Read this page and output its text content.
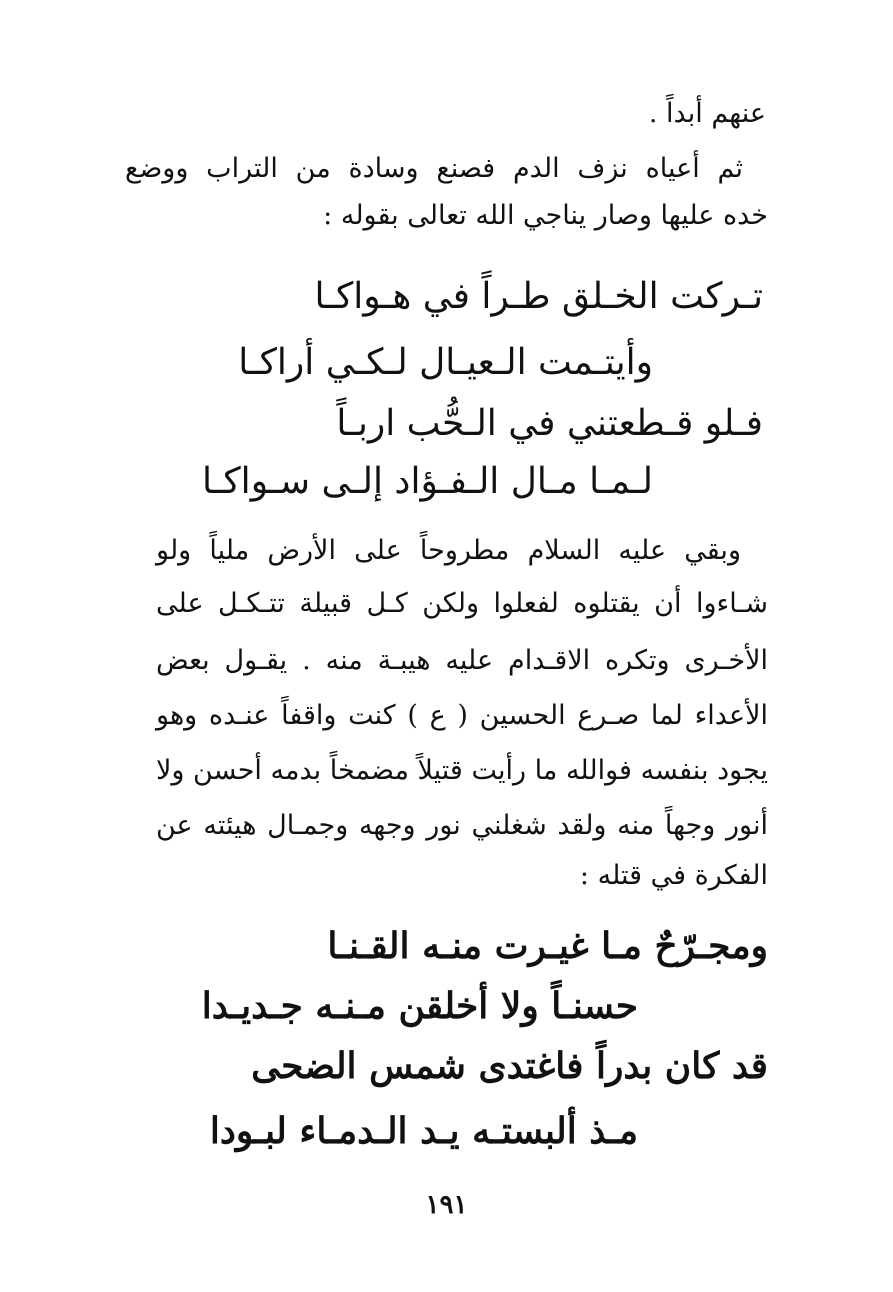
عنهم أبداً .
ثم أعياه نزف الدم فصنع وسادة من التراب ووضع
خده عليها وصار يناجي الله تعالى بقوله :
تـركت الخـلق طـراً في هـواكـا
وأيتـمت الـعيـال لـكـي أراكـا
فـلو قـطعتني في الـحُّب اربـاً
لـمـا مـال الـفـؤاد إلـى سـواكـا
وبقي عليه السلام مطروحاً على الأرض ملياً ولو
شـاءوا أن يقتلوه لفعلوا ولكن كـل قبيلة تتـكـل على
الأخـرى وتكره الاقـدام عليه هيبـة منه . يقـول بعض
الأعداء لما صـرع الحسين ( ع ) كنت واقفاً عنـده وهو
يجود بنفسه فوالله ما رأيت قتيلاً مضمخاً بدمه أحسن ولا
أنور وجهاً منه ولقد شغلني نور وجهه وجمـال هيئته عن
الفكرة في قتله :
ومجـرّحٌ مـا غيـرت منـه القـنـا
حسنـاً ولا أخلقن مـنـه جـديـدا
قد كان بدراً فاغتدى شمس الضحى
مـذ ألبستـه يـد الـدمـاء لبـودا
١٩١
